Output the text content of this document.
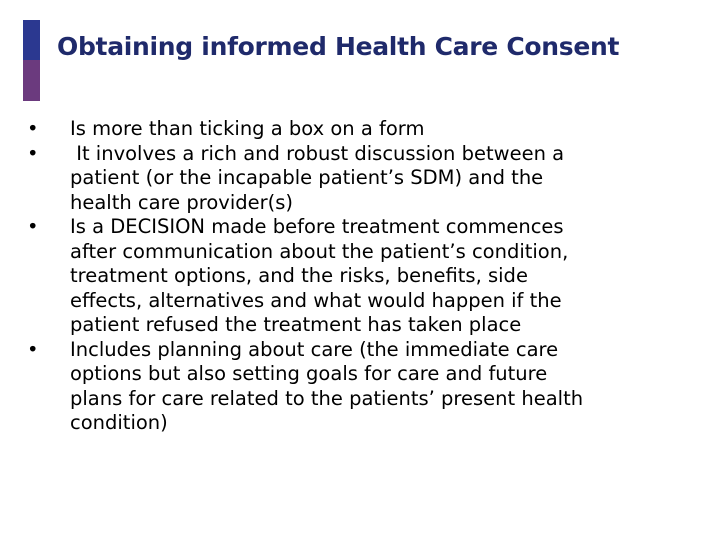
Obtaining informed Health Care Consent
• Is more than ticking a box on a form
• It involves a rich and robust discussion between a
patient (or the incapable patient’s SDM) and the
health care provider(s)
• Is a DECISION made before treatment commences
after communication about the patient’s condition,
treatment options, and the risks, benefits, side
effects, alternatives and what would happen if the
patient refused the treatment has taken place
• Includes planning about care (the immediate care
options but also setting goals for care and future
plans for care related to the patients’ present health
condition)
